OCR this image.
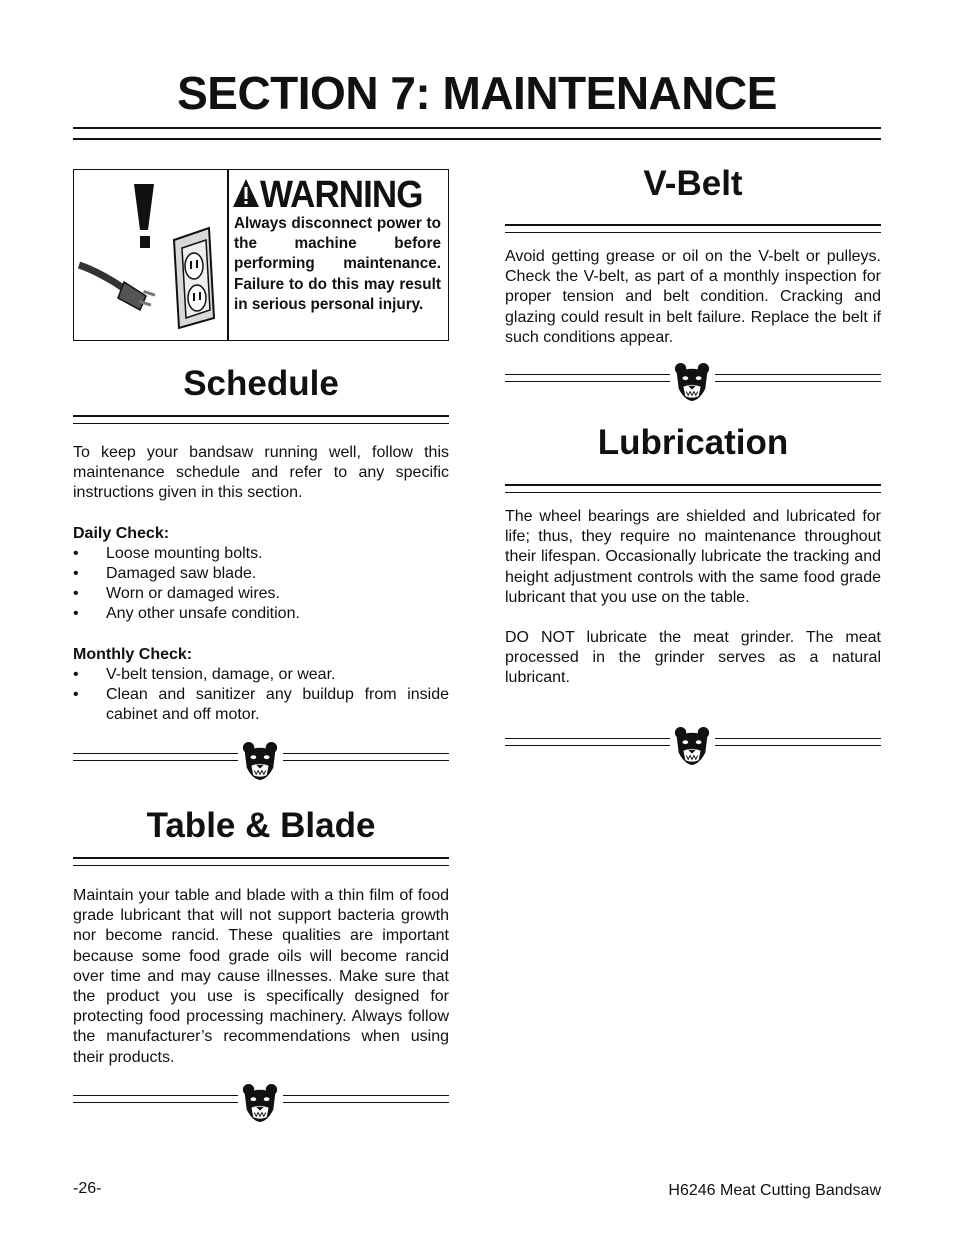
SECTION 7: MAINTENANCE
WARNING
Always disconnect power to the machine before performing maintenance. Failure to do this may result in serious personal injury.
Schedule

To keep your bandsaw running well, follow this maintenance schedule and refer to any specific instructions given in this section.

Daily Check:

• Loose mounting bolts.
• Damaged saw blade.
• Worn or damaged wires.
• Any other unsafe condition.

Monthly Check:

• V-belt tension, damage, or wear.
• Clean and sanitizer any buildup from inside cabinet and off motor.
Table & Blade
Maintain your table and blade with a thin film of food grade lubricant that will not support bacteria growth nor become rancid. These qualities are important because some food grade oils will become rancid over time and may cause illnesses. Make sure that the product you use is specifically designed for protecting food processing machinery. Always follow the manufacturer’s recommendations when using their products.
V-Belt
Avoid getting grease or oil on the V-belt or pulleys. Check the V-belt, as part of a monthly inspection for proper tension and belt condition. Cracking and glazing could result in belt failure. Replace the belt if such conditions appear.
Lubrication

The wheel bearings are shielded and lubricated for life; thus, they require no maintenance throughout their lifespan. Occasionally lubricate the tracking and height adjustment controls with the same food grade lubricant that you use on the table.

DO NOT lubricate the meat grinder. The meat processed in the grinder serves as a natural lubricant.

-26-	H6246 Meat Cutting Bandsaw
